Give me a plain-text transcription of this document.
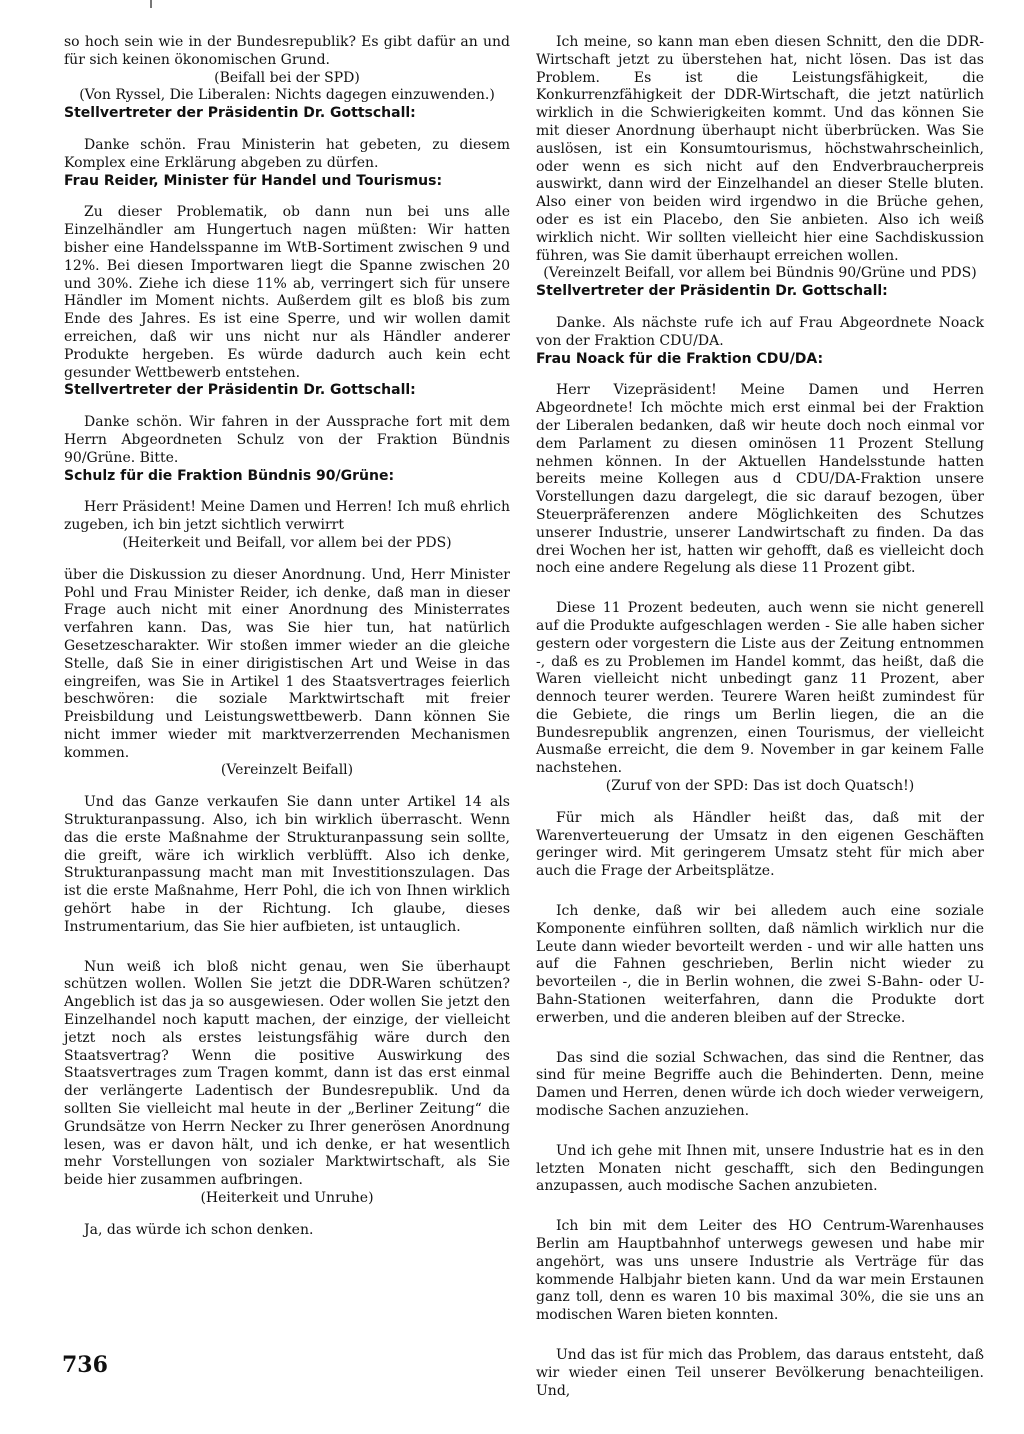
so hoch sein wie in der Bundesrepublik? Es gibt dafür an und für sich keinen ökonomischen Grund.

(Beifall bei der SPD)

(Von Ryssel, Die Liberalen: Nichts dagegen einzuwenden.)

Stellvertreter der Präsidentin Dr. Gottschall:

Danke schön. Frau Ministerin hat gebeten, zu diesem Komplex eine Erklärung abgeben zu dürfen.

Frau Reider, Minister für Handel und Tourismus:

Zu dieser Problematik, ob dann nun bei uns alle Einzelhändler am Hungertuch nagen müßten: Wir hatten bisher eine Handelsspanne im WtB-Sortiment zwischen 9 und 12%. Bei diesen Importwaren liegt die Spanne zwischen 20 und 30%. Ziehe ich diese 11% ab, verringert sich für unsere Händler im Moment nichts. Außerdem gilt es bloß bis zum Ende des Jahres. Es ist eine Sperre, und wir wollen damit erreichen, daß wir uns nicht nur als Händler anderer Produkte hergeben. Es würde dadurch auch kein echt gesunder Wettbewerb entstehen.

Stellvertreter der Präsidentin Dr. Gottschall:

Danke schön. Wir fahren in der Aussprache fort mit dem Herrn Abgeordneten Schulz von der Fraktion Bündnis 90/Grüne. Bitte.

Schulz für die Fraktion Bündnis 90/Grüne:

Herr Präsident! Meine Damen und Herren! Ich muß ehrlich zugeben, ich bin jetzt sichtlich verwirrt

(Heiterkeit und Beifall, vor allem bei der PDS)

über die Diskussion zu dieser Anordnung. Und, Herr Minister Pohl und Frau Minister Reider, ich denke, daß man in dieser Frage auch nicht mit einer Anordnung des Ministerrates verfahren kann. Das, was Sie hier tun, hat natürlich Gesetzescharakter. Wir stoßen immer wieder an die gleiche Stelle, daß Sie in einer dirigistischen Art und Weise in das eingreifen, was Sie in Artikel 1 des Staatsvertrages feierlich beschwören: die soziale Marktwirtschaft mit freier Preisbildung und Leistungswettbewerb. Dann können Sie nicht immer wieder mit marktverzerrenden Mechanismen kommen.

(Vereinzelt Beifall)

Und das Ganze verkaufen Sie dann unter Artikel 14 als Strukturanpassung. Also, ich bin wirklich überrascht. Wenn das die erste Maßnahme der Strukturanpassung sein sollte, die greift, wäre ich wirklich verblüfft. Also ich denke, Strukturanpassung macht man mit Investitionszulagen. Das ist die erste Maßnahme, Herr Pohl, die ich von Ihnen wirklich gehört habe in der Richtung. Ich glaube, dieses Instrumentarium, das Sie hier aufbieten, ist untauglich.

Nun weiß ich bloß nicht genau, wen Sie überhaupt schützen wollen. Wollen Sie jetzt die DDR-Waren schützen? Angeblich ist das ja so ausgewiesen. Oder wollen Sie jetzt den Einzelhandel noch kaputt machen, der einzige, der vielleicht jetzt noch als erstes leistungsfähig wäre durch den Staatsvertrag? Wenn die positive Auswirkung des Staatsvertrages zum Tragen kommt, dann ist das erst einmal der verlängerte Ladentisch der Bundesrepublik. Und da sollten Sie vielleicht mal heute in der „Berliner Zeitung“ die Grundsätze von Herrn Necker zu Ihrer generösen Anordnung lesen, was er davon hält, und ich denke, er hat wesentlich mehr Vorstellungen von sozialer Marktwirtschaft, als Sie beide hier zusammen aufbringen.

(Heiterkeit und Unruhe)

Ja, das würde ich schon denken.

Ich meine, so kann man eben diesen Schnitt, den die DDR-Wirtschaft jetzt zu überstehen hat, nicht lösen. Das ist das Problem. Es ist die Leistungsfähigkeit, die Konkurrenzfähigkeit der DDR-Wirtschaft, die jetzt natürlich wirklich in die Schwierigkeiten kommt. Und das können Sie mit dieser Anordnung überhaupt nicht überbrücken. Was Sie auslösen, ist ein Konsumtourismus, höchstwahrscheinlich, oder wenn es sich nicht auf den Endverbraucherpreis auswirkt, dann wird der Einzelhandel an dieser Stelle bluten. Also einer von beiden wird irgendwo in die Brüche gehen, oder es ist ein Placebo, den Sie anbieten. Also ich weiß wirklich nicht. Wir sollten vielleicht hier eine Sachdiskussion führen, was Sie damit überhaupt erreichen wollen.

(Vereinzelt Beifall, vor allem bei Bündnis 90/Grüne und PDS)

Stellvertreter der Präsidentin Dr. Gottschall:

Danke. Als nächste rufe ich auf Frau Abgeordnete Noack von der Fraktion CDU/DA.

Frau Noack für die Fraktion CDU/DA:

Herr Vizepräsident! Meine Damen und Herren Abgeordnete! Ich möchte mich erst einmal bei der Fraktion der Liberalen bedanken, daß wir heute doch noch einmal vor dem Parlament zu diesen ominösen 11 Prozent Stellung nehmen können. In der Aktuellen Handelsstunde hatten bereits meine Kollegen aus d CDU/DA-Fraktion unsere Vorstellungen dazu dargelegt, die sic darauf bezogen, über Steuerpräferenzen andere Möglichkeiten des Schutzes unserer Industrie, unserer Landwirtschaft zu finden. Da das drei Wochen her ist, hatten wir gehofft, daß es vielleicht doch noch eine andere Regelung als diese 11 Prozent gibt.

Diese 11 Prozent bedeuten, auch wenn sie nicht generell auf die Produkte aufgeschlagen werden - Sie alle haben sicher gestern oder vorgestern die Liste aus der Zeitung entnommen -, daß es zu Problemen im Handel kommt, das heißt, daß die Waren vielleicht nicht unbedingt ganz 11 Prozent, aber dennoch teurer werden. Teurere Waren heißt zumindest für die Gebiete, die rings um Berlin liegen, die an die Bundesrepublik angrenzen, einen Tourismus, der vielleicht Ausmaße erreicht, die dem 9. November in gar keinem Falle nachstehen.

(Zuruf von der SPD: Das ist doch Quatsch!)

Für mich als Händler heißt das, daß mit der Warenverteuerung der Umsatz in den eigenen Geschäften geringer wird. Mit geringerem Umsatz steht für mich aber auch die Frage der Arbeitsplätze.

Ich denke, daß wir bei alledem auch eine soziale Komponente einführen sollten, daß nämlich wirklich nur die Leute dann wieder bevorteilt werden - und wir alle hatten uns auf die Fahnen geschrieben, Berlin nicht wieder zu bevorteilen -, die in Berlin wohnen, die zwei S-Bahn- oder U-Bahn-Stationen weiterfahren, dann die Produkte dort erwerben, und die anderen bleiben auf der Strecke.

Das sind die sozial Schwachen, das sind die Rentner, das sind für meine Begriffe auch die Behinderten. Denn, meine Damen und Herren, denen würde ich doch wieder verweigern, modische Sachen anzuziehen.

Und ich gehe mit Ihnen mit, unsere Industrie hat es in den letzten Monaten nicht geschafft, sich den Bedingungen anzupassen, auch modische Sachen anzubieten.

Ich bin mit dem Leiter des HO Centrum-Warenhauses Berlin am Hauptbahnhof unterwegs gewesen und habe mir angehört, was uns unsere Industrie als Verträge für das kommende Halbjahr bieten kann. Und da war mein Erstaunen ganz toll, denn es waren 10 bis maximal 30%, die sie uns an modischen Waren bieten konnten.

Und das ist für mich das Problem, das daraus entsteht, daß wir wieder einen Teil unserer Bevölkerung benachteiligen. Und,

736
